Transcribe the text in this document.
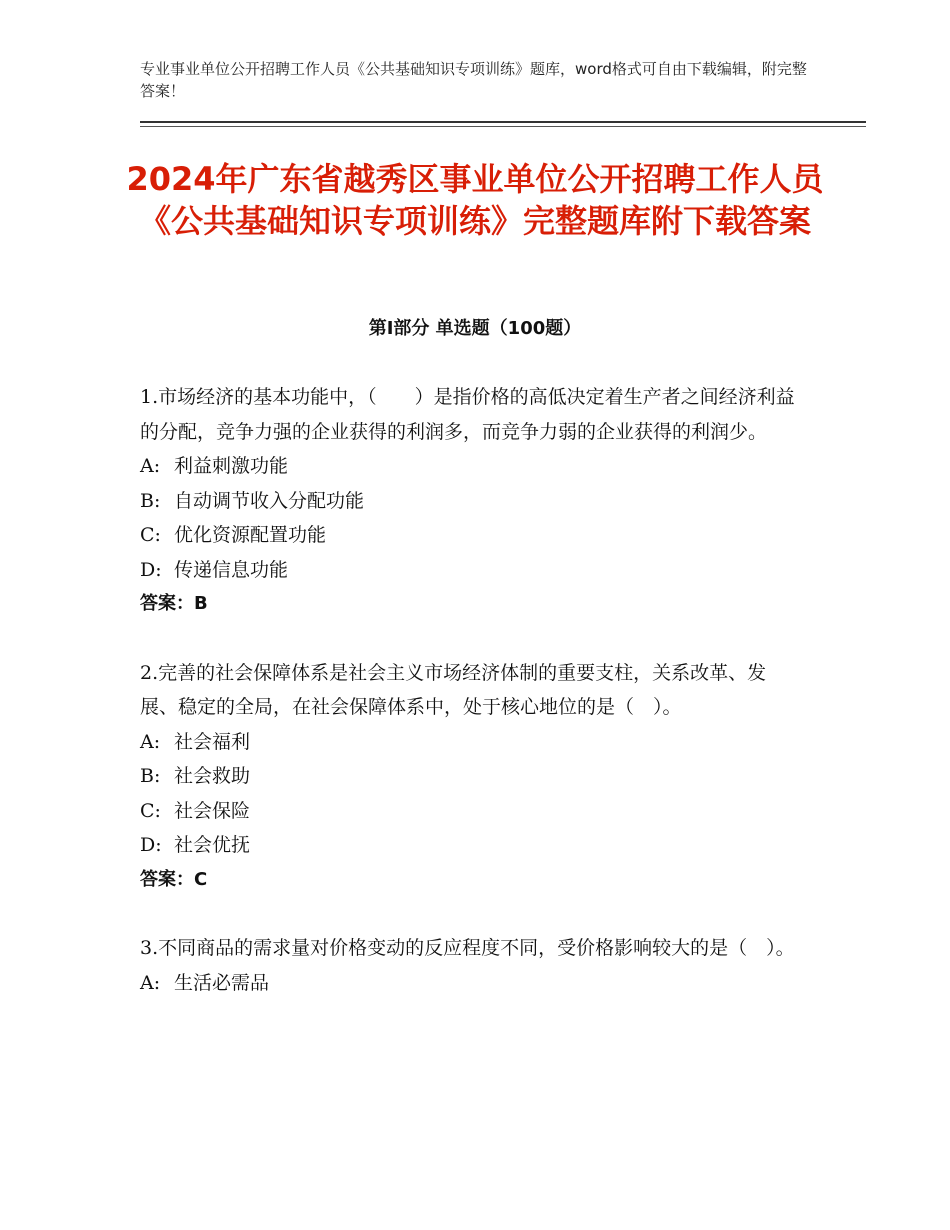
专业事业单位公开招聘工作人员《公共基础知识专项训练》题库，word格式可自由下载编辑，附完整答案！
2024年广东省越秀区事业单位公开招聘工作人员《公共基础知识专项训练》完整题库附下载答案
第Ⅰ部分 单选题（100题）

1.市场经济的基本功能中，（　　）是指价格的高低决定着生产者之间经济利益的分配，竞争力强的企业获得的利润多，而竞争力弱的企业获得的利润少。

A: 利益刺激功能

B: 自动调节收入分配功能

C: 优化资源配置功能

D: 传递信息功能

答案：B

2.完善的社会保障体系是社会主义市场经济体制的重要支柱，关系改革、发展、稳定的全局，在社会保障体系中，处于核心地位的是（　）。

A: 社会福利

B: 社会救助

C: 社会保险

D: 社会优抚

答案：C

3.不同商品的需求量对价格变动的反应程度不同，受价格影响较大的是（　）。

A: 生活必需品
